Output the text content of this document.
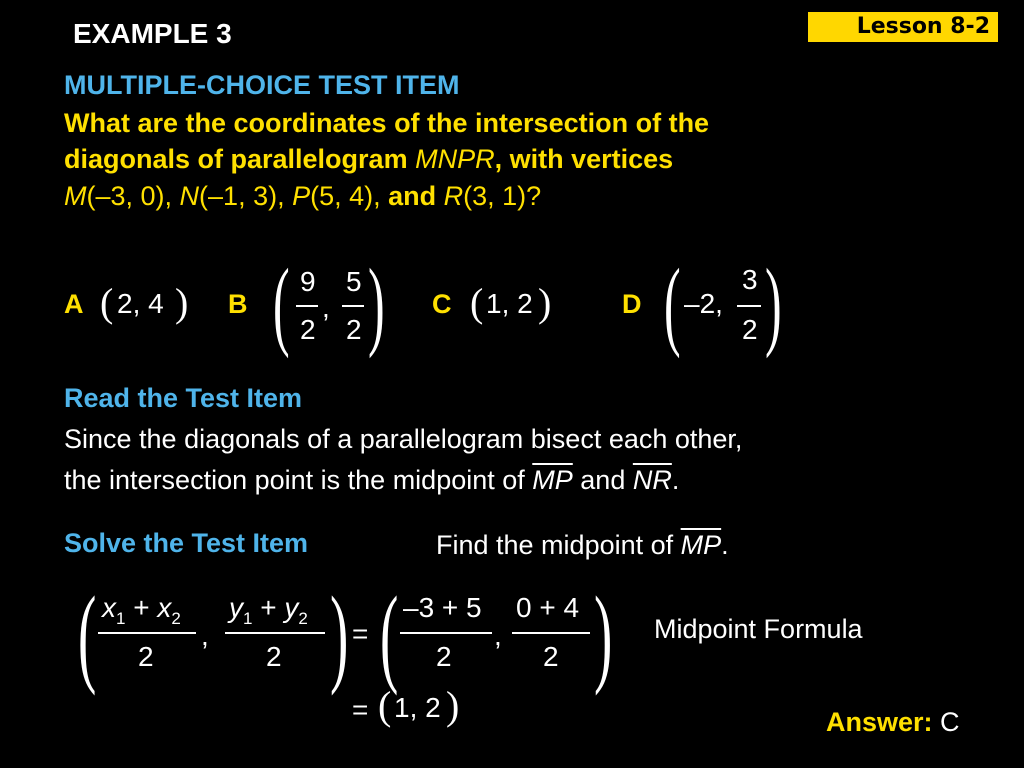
EXAMPLE 3	Lesson 8-2
MULTIPLE-CHOICE TEST ITEM
What are the coordinates of the intersection of the
diagonals of parallelogram MNPR, with vertices
M(–3, 0), N(–1, 3), P(5, 4), and R(3, 1)?
A ( 2, 4 ) B ( 9
2
,
5
2 ) C ( 1, 2 )	D ( –2,
3
2 )
Read the Test Item
Since the diagonals of a parallelogram bisect each other,
the intersection point is the midpoint of $\overline{MP}$ and $\overline{NR}$.
Solve the Test Item	Find the midpoint of $\overline{MP}$.
( $x_1 + x_2$
2
,
$y_1 + y_2$
2 ) = ( –3 + 5
2
,
0 + 4
2 ) Midpoint Formula
= ( 1, 2 )	Answer: C
